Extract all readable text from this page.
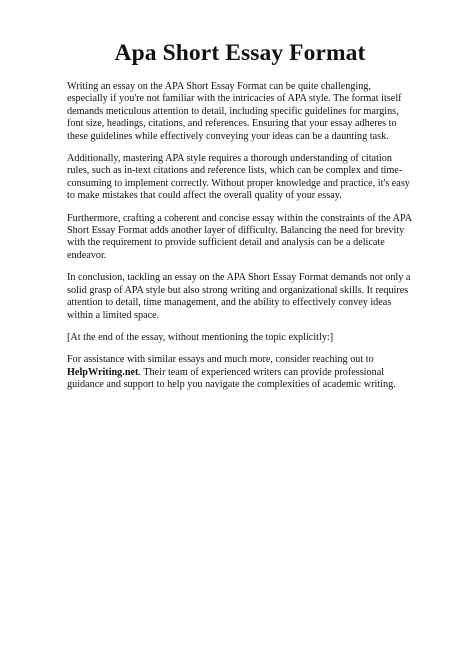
Apa Short Essay Format

Writing an essay on the APA Short Essay Format can be quite challenging, especially if you're not familiar with the intricacies of APA style. The format itself demands meticulous attention to detail, including specific guidelines for margins, font size, headings, citations, and references. Ensuring that your essay adheres to these guidelines while effectively conveying your ideas can be a daunting task.

Additionally, mastering APA style requires a thorough understanding of citation rules, such as in-text citations and reference lists, which can be complex and time-consuming to implement correctly. Without proper knowledge and practice, it's easy to make mistakes that could affect the overall quality of your essay.

Furthermore, crafting a coherent and concise essay within the constraints of the APA Short Essay Format adds another layer of difficulty. Balancing the need for brevity with the requirement to provide sufficient detail and analysis can be a delicate endeavor.

In conclusion, tackling an essay on the APA Short Essay Format demands not only a solid grasp of APA style but also strong writing and organizational skills. It requires attention to detail, time management, and the ability to effectively convey ideas within a limited space.

[At the end of the essay, without mentioning the topic explicitly:]

For assistance with similar essays and much more, consider reaching out to HelpWriting.net. Their team of experienced writers can provide professional guidance and support to help you navigate the complexities of academic writing.
